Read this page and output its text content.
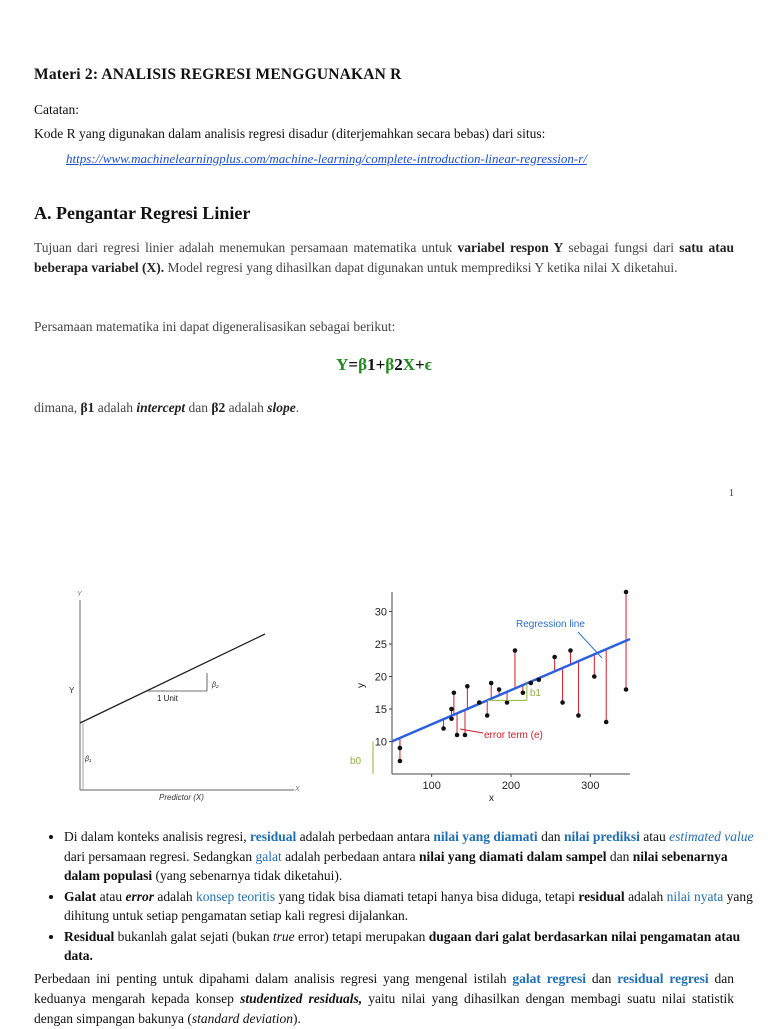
Materi 2: ANALISIS REGRESI MENGGUNAKAN R
Catatan:
Kode R yang digunakan dalam analisis regresi disadur (diterjemahkan secara bebas) dari situs:
https://www.machinelearningplus.com/machine-learning/complete-introduction-linear-regression-r/
A. Pengantar Regresi Linier
Tujuan dari regresi linier adalah menemukan persamaan matematika untuk variabel respon Y sebagai fungsi dari satu atau beberapa variabel (X). Model regresi yang dihasilkan dapat digunakan untuk memprediksi Y ketika nilai X diketahui.
Persamaan matematika ini dapat digeneralisasikan sebagai berikut:
Y=β1+β2X+ϵ
dimana, β1 adalah intercept dan β2 adalah slope.
1
Y
X
Y
1 Unit
β₂
β₁
Predictor (X)
10
15
20
25
30
100	200	300
x
y
Regression line
error term (e)
b0
b1
• Di dalam konteks analisis regresi, residual adalah perbedaan antara nilai yang diamati dan nilai prediksi atau estimated value dari persamaan regresi. Sedangkan galat adalah perbedaan antara nilai yang diamati dalam sampel dan nilai sebenarnya dalam populasi (yang sebenarnya tidak diketahui).
• Galat atau error adalah konsep teoritis yang tidak bisa diamati tetapi hanya bisa diduga, tetapi residual adalah nilai nyata yang dihitung untuk setiap pengamatan setiap kali regresi dijalankan.
• Residual bukanlah galat sejati (bukan true error) tetapi merupakan dugaan dari galat berdasarkan nilai pengamatan atau data.
Perbedaan ini penting untuk dipahami dalam analisis regresi yang mengenal istilah galat regresi dan residual regresi dan keduanya mengarah kepada konsep studentized residuals, yaitu nilai yang dihasilkan dengan membagi suatu nilai statistik dengan simpangan bakunya (standard deviation).
